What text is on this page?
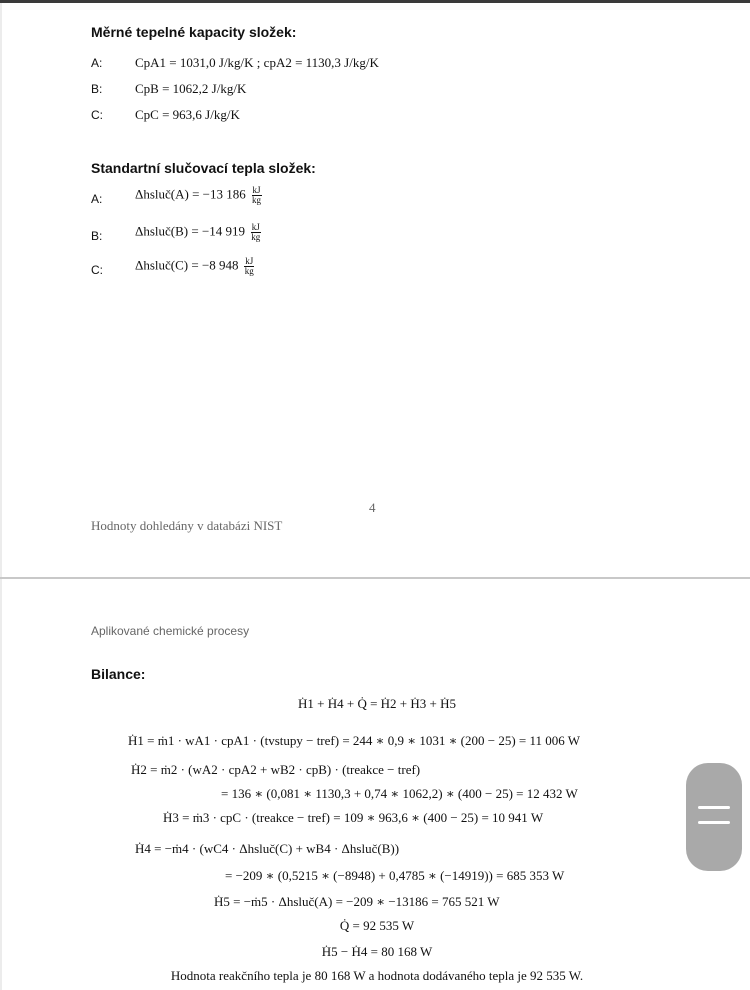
Měrné tepelné kapacity složek:
A:	CpA1 = 1031,0 J/kg/K ; cpA2 = 1130,3 J/kg/K
B:	CpB = 1062,2 J/kg/K
C: CpC = 963,6 J/kg/K
Standartní slučovací tepla složek:
A:	Δhsluč(A) = −13 $186 \frac{kJ}{kg}$
B:	Δhsluč(B) = −14 $919 \frac{kJ}{kg}$
C: Δhsluč(C) = −8 $948 \frac{kJ}{kg}$
4
Hodnoty dohledány v databázi NIST
Aplikované chemické procesy
Bilance:
Ḣ1 + Ḣ4 + Q̇ = Ḣ2 + Ḣ3 + Ḣ5
Ḣ1 = ṁ1 · wA1 · cpA1 · (tvstupy − tref) = 244 ∗ 0,9 ∗ 1031 ∗ (200 − 25) = 11 006 W
Ḣ2 = ṁ2 · (wA2 · cpA2 + wB2 · cpB) · (treakce − tref)
= 136 ∗ (0,081 ∗ 1130,3 + 0,74 ∗ 1062,2) ∗ (400 − 25) = 12 432 W
Ḣ3 = ṁ3 · cpC · (treakce − tref) = 109 ∗ 963,6 ∗ (400 − 25) = 10 941 W
Ḣ4 = −ṁ4 · (wC4 · Δhsluč(C) + wB4 · Δhsluč(B))
= −209 ∗ (0,5215 ∗ (−8948) + 0,4785 ∗ (−14919)) = 685 353 W
Ḣ5 = −ṁ5 · Δhsluč(A) = −209 ∗ −13186 = 765 521 W
Q̇ = 92 535 W
Ḣ5 − Ḣ4 = 80 168 W
Hodnota reakčního tepla je 80 168 W a hodnota dodávaného tepla je 92 535 W.
